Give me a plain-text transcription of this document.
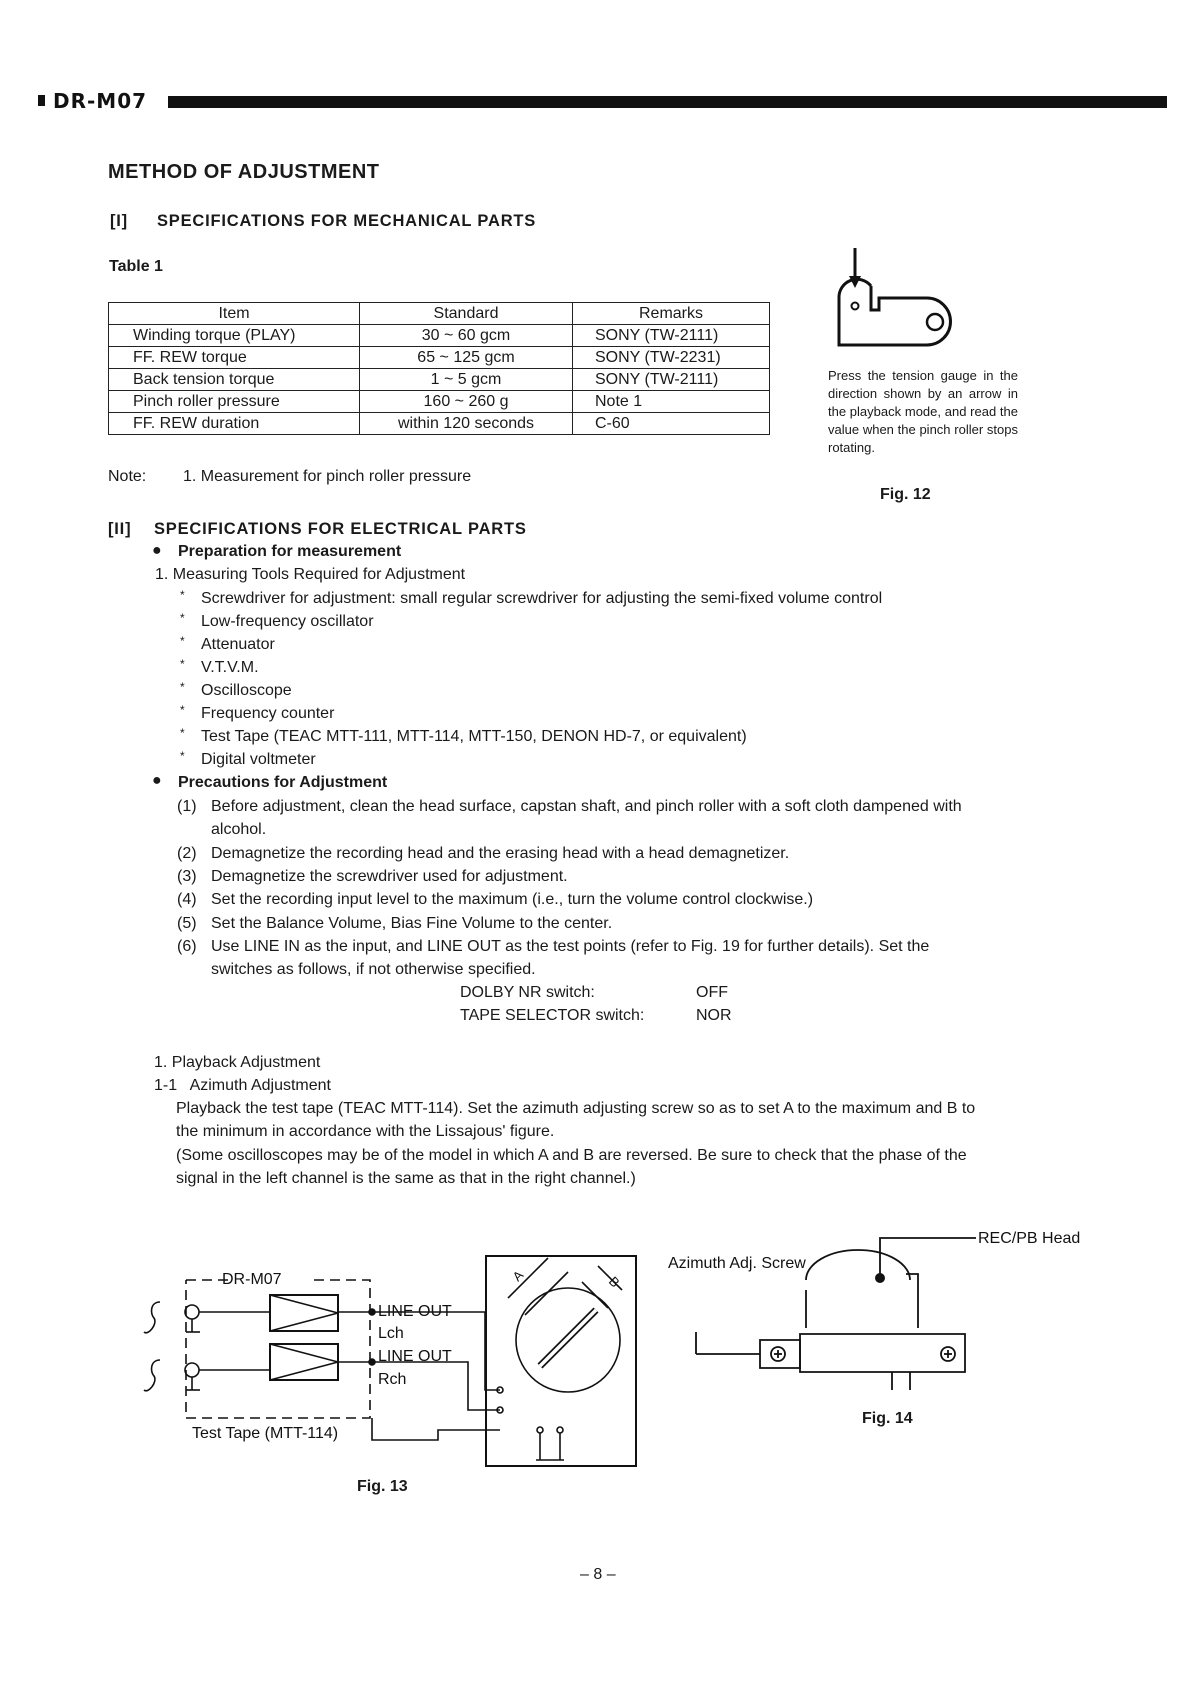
DR-M07
METHOD OF ADJUSTMENT
[I] SPECIFICATIONS FOR MECHANICAL PARTS
Table 1
Item	Standard	Remarks
Winding torque (PLAY)	30 ~ 60 gcm	SONY (TW-2111)
FF. REW torque	65 ~ 125 gcm	SONY (TW-2231)
Back tension torque	1 ~ 5 gcm	SONY (TW-2111)
Pinch roller pressure	160 ~ 260 g	Note 1
FF. REW duration	within 120 seconds	C-60
Note: 1. Measurement for pinch roller pressure
Press the tension gauge in the direction shown by an arrow in the playback mode, and read the value when the pinch roller stops rotating.
Fig. 12
[II] SPECIFICATIONS FOR ELECTRICAL PARTS
● Preparation for measurement
1. Measuring Tools Required for Adjustment
* Screwdriver for adjustment: small regular screwdriver for adjusting the semi-fixed volume control
* Low-frequency oscillator
* Attenuator
* V.T.V.M.
* Oscilloscope
* Frequency counter
* Test Tape (TEAC MTT-111, MTT-114, MTT-150, DENON HD-7, or equivalent)
* Digital voltmeter
● Precautions for Adjustment
(1) Before adjustment, clean the head surface, capstan shaft, and pinch roller with a soft cloth dampened with
alcohol.
(2) Demagnetize the recording head and the erasing head with a head demagnetizer.
(3) Demagnetize the screwdriver used for adjustment.
(4) Set the recording input level to the maximum (i.e., turn the volume control clockwise.)
(5) Set the Balance Volume, Bias Fine Volume to the center.
(6) Use LINE IN as the input, and LINE OUT as the test points (refer to Fig. 19 for further details). Set the
switches as follows, if not otherwise specified.
DOLBY NR switch:	OFF
TAPE SELECTOR switch:	NOR
1. Playback Adjustment
1-1   Azimuth Adjustment
Playback the test tape (TEAC MTT-114). Set the azimuth adjusting screw so as to set A to the maximum and B to
the minimum in accordance with the Lissajous' figure.
(Some oscilloscopes may be of the model in which A and B are reversed. Be sure to check that the phase of the
signal in the left channel is the same as that in the right channel.)
DR-M07
LINE OUT
Lch
LINE OUT
Rch
Test Tape (MTT-114)
A	B
Fig. 13
REC/PB Head
Azimuth Adj. Screw
Fig. 14
– 8 –
